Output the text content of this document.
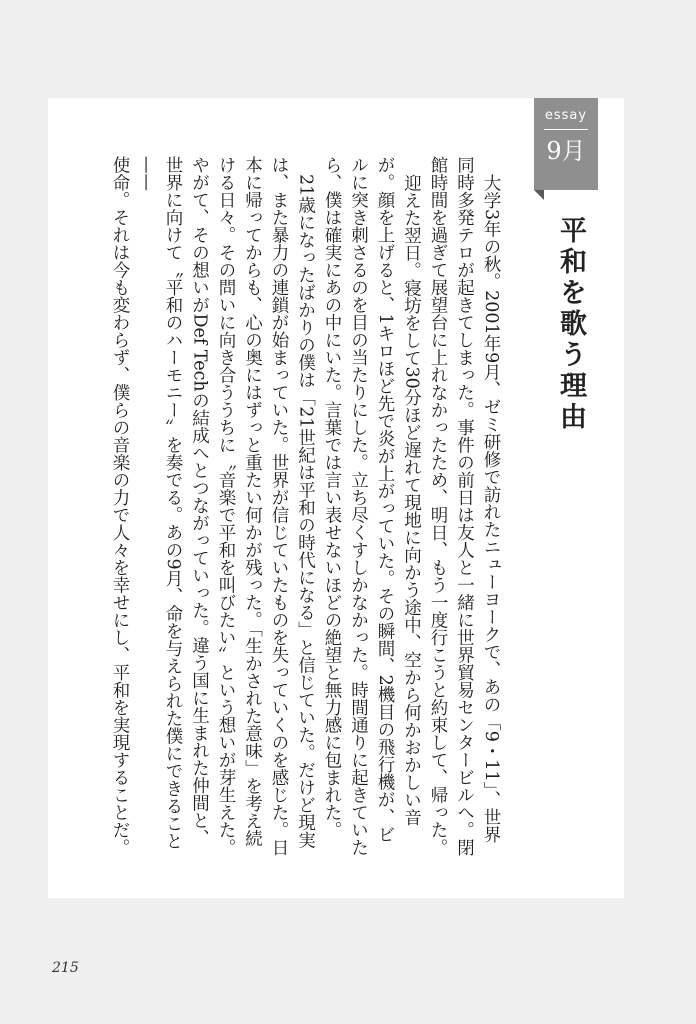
essay
9月
平和を歌う理由

大学3年の秋。2001年9月、ゼミ研修で訪れたニューヨークで、あの「9・11」、世界同時多発テロが起きてしまった。事件の前日は友人と一緒に世界貿易センタービルへ。閉館時間を過ぎて展望台に上れなかったため、明日、もう一度行こうと約束して、帰った。

迎えた翌日。寝坊をして30分ほど遅れて現地に向かう途中、空から何かおかしい音が。顔を上げると、1キロほど先で炎が上がっていた。その瞬間、2機目の飛行機が、ビルに突き刺さるのを目の当たりにした。立ち尽くすしかなかった。時間通りに起きていたら、僕は確実にあの中にいた。言葉では言い表せないほどの絶望と無力感に包まれた。

21歳になったばかりの僕は「21世紀は平和の時代になる」と信じていた。だけど現実は、また暴力の連鎖が始まっていた。世界が信じていたものを失っていくのを感じた。日本に帰ってからも、心の奥にはずっと重たい何かが残った。「生かされた意味」を考え続ける日々。その問いに向き合ううちに〝音楽で平和を叫びたい〟という想いが芽生えた。やがて、その想いがDef Techの結成へとつながっていった。違う国に生まれた仲間と、世界に向けて〝平和のハーモニー〟を奏でる。あの9月、命を与えられた僕にできること——

使命。それは今も変わらず、僕らの音楽の力で人々を幸せにし、平和を実現することだ。

215
